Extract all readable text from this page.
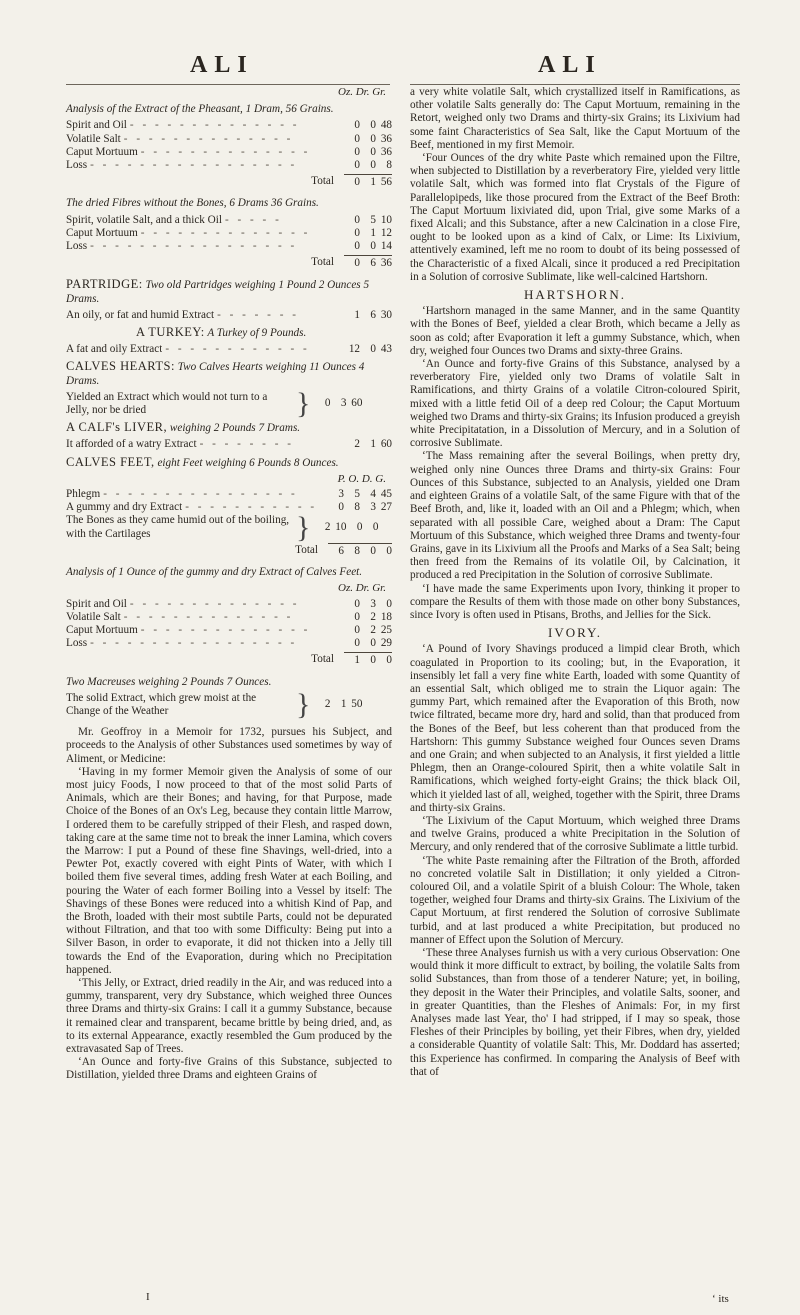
ALI	ALI
Oz. Dr. Gr.
Analysis of the Extract of the Pheasant, 1 Dram, 56 Grains.
Spirit and Oil - - - - - - - - - - - - - -	0 0 48
Volatile Salt - - - - - - - - - - - - - -	0 0 36
Caput Mortuum - - - - - - - - - - - - - -	0 0 36
Loss - - - - - - - - - - - - - - - - -	0 0 8
Total	0 1 56
The dried Fibres without the Bones, 6 Drams 36 Grains.
Spirit, volatile Salt, and a thick Oil - - - - -	0 5 10
Caput Mortuum - - - - - - - - - - - - - -	0 1 12
Loss - - - - - - - - - - - - - - - - -	0 0 14
Total	0 6 36
PARTRIDGE: Two old Partridges weighing 1 Pound 2 Ounces 5 Drams.
An oily, or fat and humid Extract - - - - - - -	1 6 30
A TURKEY: A Turkey of 9 Pounds.
A fat and oily Extract - - - - - - - - - - - -	12 0 43
CALVES HEARTS: Two Calves Hearts weighing 11 Ounces 4 Drams.
Yielded an Extract which would not turn to a Jelly, nor be dried	}	0 3 60
A CALF's LIVER, weighing 2 Pounds 7 Drams.
It afforded of a watry Extract - - - - - - - -	2 1 60
CALVES FEET, eight Feet weighing 6 Pounds 8 Ounces.
P. O. D. G.
Phlegm - - - - - - - - - - - - - - - -	3 5 4 45
A gummy and dry Extract - - - - - - - - - - -	0 8 3 27
The Bones as they came humid out of the boiling, with the Cartilages	}	2 10 0 0
Total	6 8 0 0
Analysis of 1 Ounce of the gummy and dry Extract of Calves Feet.
Oz. Dr. Gr.
Spirit and Oil - - - - - - - - - - - - - -	0 3 0
Volatile Salt - - - - - - - - - - - - - -	0 2 18
Caput Mortuum - - - - - - - - - - - - - -	0 2 25
Loss - - - - - - - - - - - - - - - - -	0 0 29
Total	1 0 0
Two Macreuses weighing 2 Pounds 7 Ounces.
The solid Extract, which grew moist at the Change of the Weather	}	2 1 50

Mr. Geoffroy in a Memoir for 1732, pursues his Subject, and proceeds to the Analysis of other Substances used sometimes by way of Aliment, or Medicine:

‘ Having in my former Memoir given the Analysis of some of our most juicy Foods, I now proceed to that of the most solid Parts of Animals, which are their Bones; and having, for that Purpose, made Choice of the Bones of an Ox's Leg, because they contain little Marrow, I ordered them to be carefully stripped of their Flesh, and rasped down, taking care at the same time not to break the inner Lamina, which covers the Marrow: I put a Pound of these fine Shavings, well-dried, into a Pewter Pot, exactly covered with eight Pints of Water, with which I boiled them five several times, adding fresh Water at each Boiling, and pouring the Water of each former Boiling into a Vessel by itself: The Shavings of these Bones were reduced into a whitish Kind of Pap, and the Broth, loaded with their most subtile Parts, could not be depurated without Filtration, and that too with some Difficulty: Being put into a Silver Bason, in order to evaporate, it did not thicken into a Jelly till towards the End of the Evaporation, during which no Precipitation happened.

‘ This Jelly, or Extract, dried readily in the Air, and was reduced into a gummy, transparent, very dry Substance, which weighed three Ounces three Drams and thirty-six Grains: I call it a gummy Substance, because it remained clear and transparent, became brittle by being dried, and, as to its external Appearance, exactly resembled the Gum produced by the extravasated Sap of Trees.

‘ An Ounce and forty-five Grains of this Substance, subjected to Distillation, yielded three Drams and eighteen Grains of

a very white volatile Salt, which crystallized itself in Ramifications, as other volatile Salts generally do: The Caput Mortuum, remaining in the Retort, weighed only two Drams and thirty-six Grains; its Lixivium had some faint Characteristics of Sea Salt, like the Caput Mortuum of the Beef, mentioned in my first Memoir.

‘ Four Ounces of the dry white Paste which remained upon the Filtre, when subjected to Distillation by a reverberatory Fire, yielded very little volatile Salt, which was formed into flat Crystals of the Figure of Parallelopipeds, like those procured from the Extract of the Beef Broth: The Caput Mortuum lixiviated did, upon Trial, give some Marks of a fixed Alcali; and this Substance, after a new Calcination in a close Fire, ought to be looked upon as a kind of Calx, or Lime: Its Lixivium, attentively examined, left me no room to doubt of its being possessed of the Characteristic of a fixed Alcali, since it produced a red Precipitation in a Solution of corrosive Sublimate, like well-calcined Hartshorn.

HARTSHORN.

‘ Hartshorn managed in the same Manner, and in the same Quantity with the Bones of Beef, yielded a clear Broth, which became a Jelly as soon as cold; after Evaporation it left a gummy Substance, which, when dry, weighed four Ounces two Drams and sixty-three Grains.

‘ An Ounce and forty-five Grains of this Substance, analysed by a reverberatory Fire, yielded only two Drams of volatile Salt in Ramifications, and thirty Grains of a volatile Citron-coloured Spirit, mixed with a little fetid Oil of a deep red Colour; the Caput Mortuum weighed two Drams and thirty-six Grains; its Infusion produced a greyish white Precipitatation, in a Dissolution of Mercury, and in a Solution of corrosive Sublimate.

‘ The Mass remaining after the several Boilings, when pretty dry, weighed only nine Ounces three Drams and thirty-six Grains: Four Ounces of this Substance, subjected to an Analysis, yielded one Dram and eighteen Grains of a volatile Salt, of the same Figure with that of the Beef Broth, and, like it, loaded with an Oil and a Phlegm; which, when separated with all possible Care, weighed about a Dram: The Caput Mortuum of this Substance, which weighed three Drams and twenty-four Grains, gave in its Lixivium all the Proofs and Marks of a Sea Salt; being then freed from the Remains of its volatile Oil, by Calcination, it produced a red Precipitation in the Solution of corrosive Sublimate.

‘ I have made the same Experiments upon Ivory, thinking it proper to compare the Results of them with those made on other bony Substances, since Ivory is often used in Ptisans, Broths, and Jellies for the Sick.

IVORY.

‘ A Pound of Ivory Shavings produced a limpid clear Broth, which coagulated in Proportion to its cooling; but, in the Evaporation, it insensibly let fall a very fine white Earth, loaded with some Quantity of an essential Salt, which obliged me to strain the Liquor again: The gummy Part, which remained after the Evaporation of this Broth, now twice filtrated, became more dry, hard and solid, than that produced from the Bones of the Beef, but less coherent than that produced from the Hartshorn: This gummy Substance weighed four Ounces seven Drams and one Grain; and when subjected to an Analysis, it first yielded a little Phlegm, then an Orange-coloured Spirit, then a white volatile Salt in Ramifications, which weighed forty-eight Grains; the thick black Oil, which it yielded last of all, weighed, together with the Spirit, three Drams and thirty-six Grains.

‘ The Lixivium of the Caput Mortuum, which weighed three Drams and twelve Grains, produced a white Precipitation in the Solution of Mercury, and only rendered that of the corrosive Sublimate a little turbid.

‘ The white Paste remaining after the Filtration of the Broth, afforded no concreted volatile Salt in Distillation; it only yielded a Citron-coloured Oil, and a volatile Spirit of a bluish Colour: The Whole, taken together, weighed four Drams and thirty-six Grains. The Lixivium of the Caput Mortuum, at first rendered the Solution of corrosive Sublimate turbid, and at last produced a white Precipitation, but produced no manner of Effect upon the Solution of Mercury.

‘ These three Analyses furnish us with a very curious Observation: One would think it more difficult to extract, by boiling, the volatile Salts from solid Substances, than from those of a tenderer Nature; yet, in boiling, they deposit in the Water their Principles, and volatile Salts, sooner, and in greater Quantities, than the Fleshes of Animals: For, in my first Analyses made last Year, tho' I had stripped, if I may so speak, those Fleshes of their Principles by boiling, yet their Fibres, when dry, yielded a considerable Quantity of volatile Salt: This, Mr. Doddard has asserted; this Experience has confirmed. In comparing the Analysis of Beef with that of

I	‘ its
